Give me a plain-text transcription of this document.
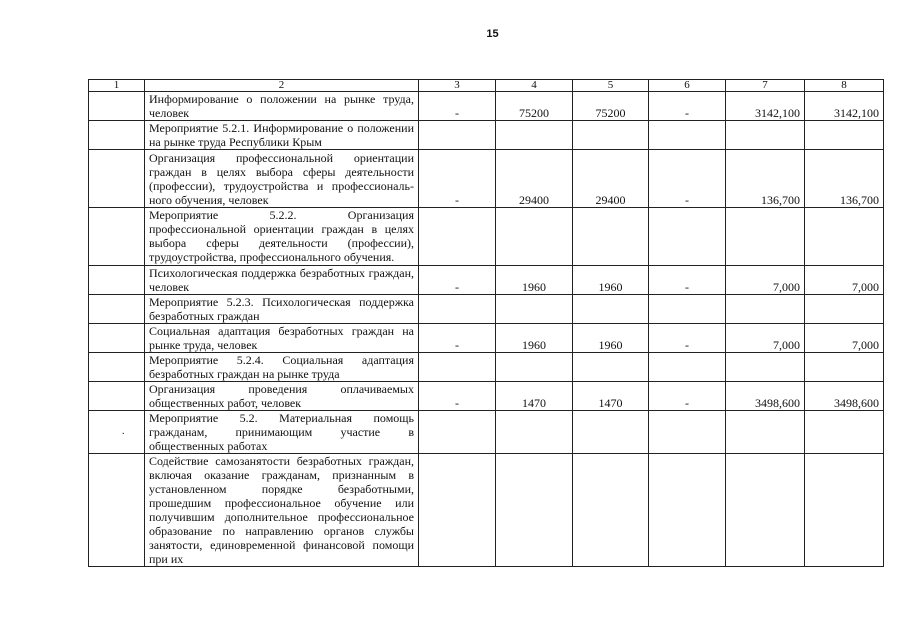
15
.
1	2	3	4	5	6	7	8
	Информирование о положении на рынке труда, человек	-	75200	75200	-	3142,100	3142,100
	Мероприятие 5.2.1. Информирование о положении на рынке труда Республики Крым						
	Организация профессиональной ориентации граждан в целях выбора сферы деятельности (профессии), трудоустройства и профессиональ-ного обучения, человек	-	29400	29400	-	136,700	136,700
	Мероприятие 5.2.2. Организация профессиональной ориентации граждан в целях выбора сферы деятельности (профессии), трудоустройства, профессионального обучения.						
	Психологическая поддержка безработных граждан, человек	-	1960	1960	-	7,000	7,000
	Мероприятие 5.2.3. Психологическая поддержка безработных граждан						
	Социальная адаптация безработных граждан на рынке труда, человек	-	1960	1960	-	7,000	7,000
	Мероприятие 5.2.4. Социальная адаптация безработных граждан на рынке труда						
	Организация проведения оплачиваемых общественных работ, человек	-	1470	1470	-	3498,600	3498,600
	Мероприятие 5.2. Материальная помощь гражданам, принимающим участие в общественных работах						
	Содействие самозанятости безработных граждан, включая оказание гражданам, признанным в установленном порядке безработными, прошедшим профессиональное обучение или получившим дополнительное профессиональное образование по направлению органов службы занятости, единовременной финансовой помощи при их						
